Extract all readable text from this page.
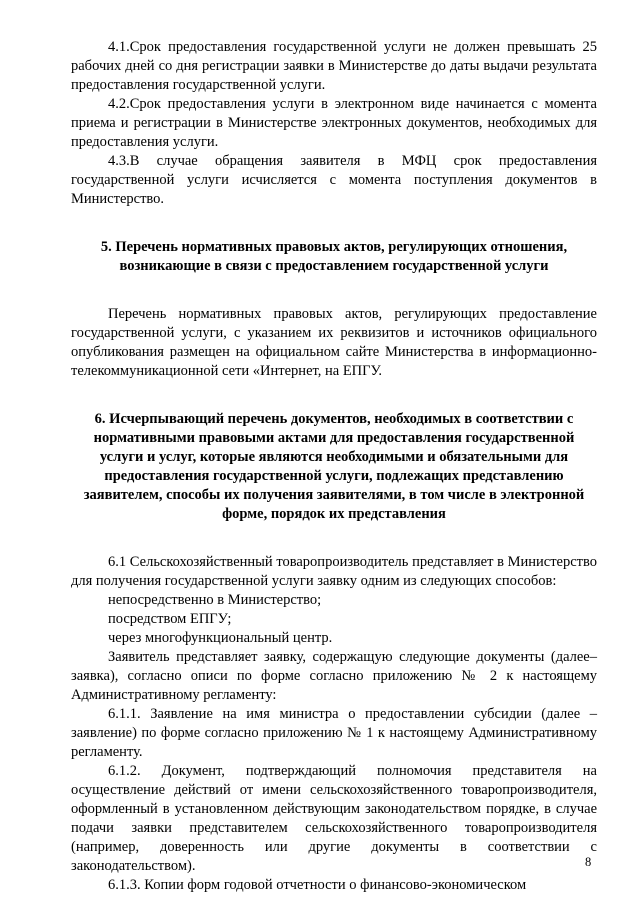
4.1.Срок предоставления государственной услуги не должен превышать 25 рабочих дней со дня регистрации заявки в Министерстве до даты выдачи результата предоставления государственной услуги.

4.2.Срок предоставления услуги в электронном виде начинается с момента приема и регистрации в Министерстве электронных документов, необходимых для предоставления услуги.

4.3.В случае обращения заявителя в МФЦ срок предоставления государственной услуги исчисляется с момента поступления документов в Министерство.

5. Перечень нормативных правовых актов, регулирующих отношения, возникающие в связи с предоставлением государственной услуги

Перечень нормативных правовых актов, регулирующих предоставление государственной услуги, с указанием их реквизитов и источников официального опубликования размещен на официальном сайте Министерства в информационно-телекоммуникационной сети «Интернет, на ЕПГУ.

6. Исчерпывающий перечень документов, необходимых в соответствии с нормативными правовыми актами для предоставления государственной услуги и услуг, которые являются необходимыми и обязательными для предоставления государственной услуги, подлежащих представлению заявителем, способы их получения заявителями, в том числе в электронной форме, порядок их представления

6.1 Сельскохозяйственный товаропроизводитель представляет в Министерство для получения государственной услуги заявку одним из следующих способов:

непосредственно в Министерство;

посредством ЕПГУ;

через многофункциональный центр.

Заявитель представляет заявку, содержащую следующие документы (далее– заявка), согласно описи по форме согласно приложению № 2 к настоящему Административному регламенту:

6.1.1. Заявление на имя министра о предоставлении субсидии (далее – заявление) по форме согласно приложению № 1 к настоящему Административному регламенту.

6.1.2. Документ, подтверждающий полномочия представителя на осуществление действий от имени сельскохозяйственного товаропроизводителя, оформленный в установленном действующим законодательством порядке, в случае подачи заявки представителем сельскохозяйственного товаропроизводителя (например, доверенность или другие документы в соответствии с законодательством).

6.1.3. Копии форм годовой отчетности о финансово-экономическом

8
